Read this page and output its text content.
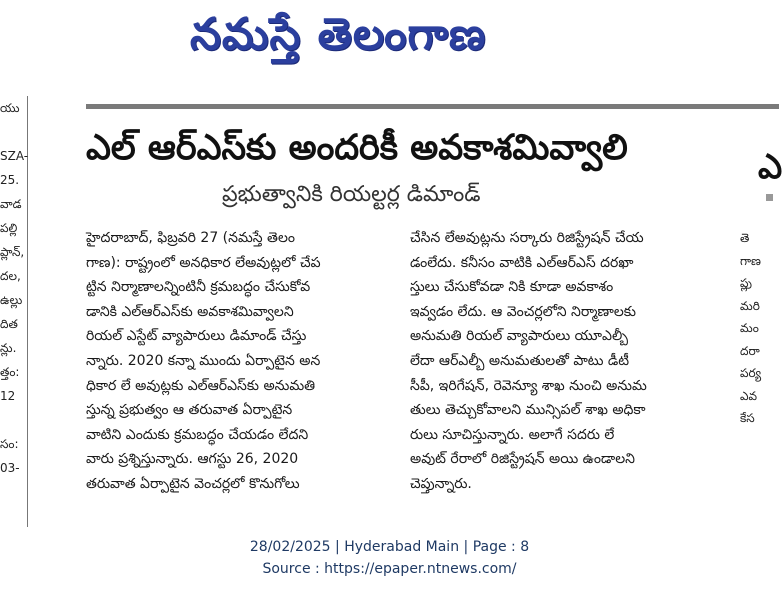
నమస్తే తెలంగాణ
యు
SZA-
25.
వాడ
పల్లి
ప్లాన్,
దల,
ఉల్లు
దిత
న్లు.
త్తం:
12
సం:
03-
ఎల్ ఆర్ఎస్‌కు అందరికీ అవకాశమివ్వాలి
ప్రభుత్వానికి రియల్టర్ల డిమాండ్

హైదరాబాద్, ఫిబ్రవరి 27 (నమస్తే తెలం

గాణ): రాష్ట్రంలో అనధికార లేఅవుట్లలో చేప

ట్టిన నిర్మాణాలన్నింటినీ క్రమబద్ధం చేసుకోవ

డానికి ఎల్ఆర్ఎస్‌కు అవకాశమివ్వాలని

రియల్ ఎస్టేట్ వ్యాపారులు డిమాండ్ చేస్తు

న్నారు. 2020 కన్నా ముందు ఏర్పాటైన అన

ధికార లే అవుట్లకు ఎల్ఆర్ఎస్‌కు అనుమతి

స్తున్న ప్రభుత్వం ఆ తరువాత ఏర్పాటైన

వాటిని ఎందుకు క్రమబద్ధం చేయడం లేదని

వారు ప్రశ్నిస్తున్నారు. ఆగస్టు 26, 2020

తరువాత ఏర్పాటైన వెంచర్లలో కొనుగోలు

చేసిన లేఅవుట్లను సర్కారు రిజిస్ట్రేషన్ చేయ

డంలేదు. కనీసం వాటికి ఎల్ఆర్ఎస్ దరఖా

స్తులు చేసుకోవడా నికి కూడా అవకాశం

ఇవ్వడం లేదు. ఆ వెంచర్లలోని నిర్మాణాలకు

అనుమతి రియల్ వ్యాపారులు యూఎల్బీ

లేదా ఆర్ఎల్బీ అనుమతులతో పాటు డీటీ

సీపీ, ఇరిగేషన్, రెవెన్యూ శాఖ నుంచి అనుమ

తులు తెచ్చుకోవాలని మున్సిపల్ శాఖ అధికా

రులు సూచిస్తున్నారు. అలాగే సదరు లే

అవుట్ రేరాలో రిజిస్ట్రేషన్ అయి ఉండాలని

చెప్తున్నారు.

ఎ
తె
గాణ
ప్లు
మరి
మం
దరా
పర్య
ఎవ
కేస
28/02/2025 | Hyderabad Main | Page : 8
Source : https://epaper.ntnews.com/
